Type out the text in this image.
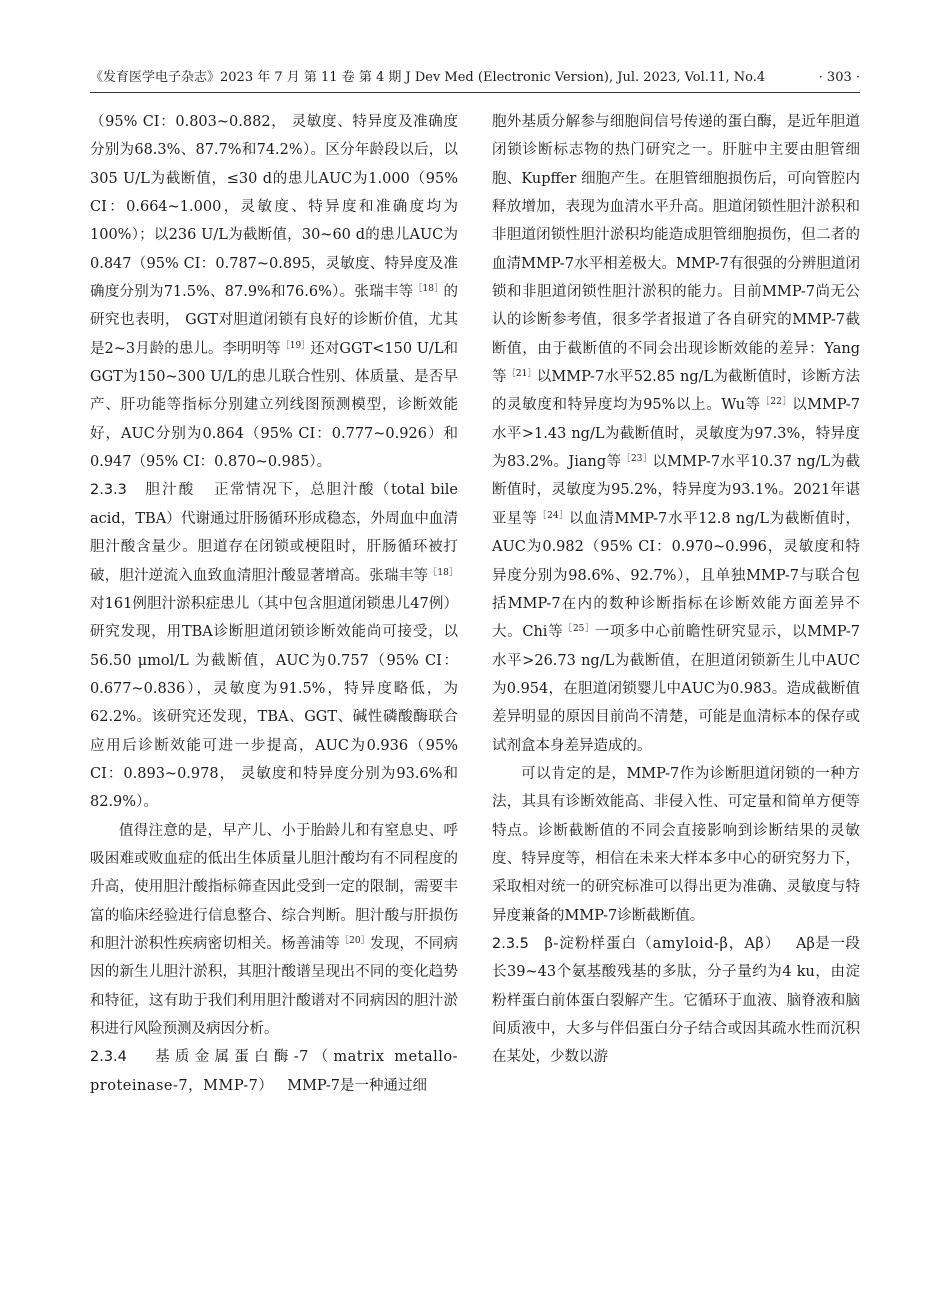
《发育医学电子杂志》2023 年 7 月 第 11 卷 第 4 期 J Dev Med (Electronic Version), Jul. 2023, Vol.11, No.4	· 303 ·

（95% CI：0.803~0.882， 灵敏度、特异度及准确度分别为68.3%、87.7%和74.2%）。区分年龄段以后，以305 U/L为截断值，≤30 d的患儿AUC为1.000（95% CI：0.664~1.000，灵敏度、特异度和准确度均为100%）；以236 U/L为截断值，30~60 d的患儿AUC为0.847（95% CI：0.787~0.895，灵敏度、特异度及准确度分别为71.5%、87.9%和76.6%）。张瑞丰等$^{[18]}$的研究也表明， GGT对胆道闭锁有良好的诊断价值，尤其是2~3月龄的患儿。李明明等$^{[19]}$还对GGT<150 U/L和GGT为150~300 U/L的患儿联合性别、体质量、是否早产、肝功能等指标分别建立列线图预测模型，诊断效能好，AUC分别为0.864（95% CI：0.777~0.926）和0.947（95% CI：0.870~0.985）。

2.3.3 胆汁酸 正常情况下，总胆汁酸（total bile acid，TBA）代谢通过肝肠循环形成稳态，外周血中血清胆汁酸含量少。胆道存在闭锁或梗阻时，肝肠循环被打破，胆汁逆流入血致血清胆汁酸显著增高。张瑞丰等$^{[18]}$对161例胆汁淤积症患儿（其中包含胆道闭锁患儿47例）研究发现，用TBA诊断胆道闭锁诊断效能尚可接受，以56.50 μmol/L 为截断值，AUC为0.757（95% CI：0.677~0.836），灵敏度为91.5%，特异度略低，为62.2%。该研究还发现，TBA、GGT、碱性磷酸酶联合应用后诊断效能可进一步提高，AUC为0.936（95% CI：0.893~0.978， 灵敏度和特异度分别为93.6%和82.9%）。

值得注意的是，早产儿、小于胎龄儿和有窒息史、呼吸困难或败血症的低出生体质量儿胆汁酸均有不同程度的升高，使用胆汁酸指标筛查因此受到一定的限制，需要丰富的临床经验进行信息整合、综合判断。胆汁酸与肝损伤和胆汁淤积性疾病密切相关。杨善浦等$^{[20]}$发现，不同病因的新生儿胆汁淤积，其胆汁酸谱呈现出不同的变化趋势和特征，这有助于我们利用胆汁酸谱对不同病因的胆汁淤积进行风险预测及病因分析。

2.3.4 基质金属蛋白酶-7（matrix metallo-proteinase-7，MMP-7） MMP-7是一种通过细

胞外基质分解参与细胞间信号传递的蛋白酶，是近年胆道闭锁诊断标志物的热门研究之一。肝脏中主要由胆管细胞、Kupffer 细胞产生。在胆管细胞损伤后，可向管腔内释放增加，表现为血清水平升高。胆道闭锁性胆汁淤积和非胆道闭锁性胆汁淤积均能造成胆管细胞损伤，但二者的血清MMP-7水平相差极大。MMP-7有很强的分辨胆道闭锁和非胆道闭锁性胆汁淤积的能力。目前MMP-7尚无公认的诊断参考值，很多学者报道了各自研究的MMP-7截断值，由于截断值的不同会出现诊断效能的差异：Yang等$^{[21]}$以MMP-7水平52.85 ng/L为截断值时，诊断方法的灵敏度和特异度均为95%以上。Wu等$^{[22]}$以MMP-7水平>1.43 ng/L为截断值时，灵敏度为97.3%，特异度为83.2%。Jiang等$^{[23]}$以MMP-7水平10.37 ng/L为截断值时，灵敏度为95.2%，特异度为93.1%。2021年谌亚星等$^{[24]}$以血清MMP-7水平12.8 ng/L为截断值时，AUC为0.982（95% CI：0.970~0.996，灵敏度和特异度分别为98.6%、92.7%），且单独MMP-7与联合包括MMP-7在内的数种诊断指标在诊断效能方面差异不大。Chi等$^{[25]}$一项多中心前瞻性研究显示，以MMP-7水平>26.73 ng/L为截断值，在胆道闭锁新生儿中AUC为0.954，在胆道闭锁婴儿中AUC为0.983。造成截断值差异明显的原因目前尚不清楚，可能是血清标本的保存或试剂盒本身差异造成的。

可以肯定的是，MMP-7作为诊断胆道闭锁的一种方法，其具有诊断效能高、非侵入性、可定量和简单方便等特点。诊断截断值的不同会直接影响到诊断结果的灵敏度、特异度等，相信在未来大样本多中心的研究努力下，采取相对统一的研究标准可以得出更为准确、灵敏度与特异度兼备的MMP-7诊断截断值。

2.3.5 β-淀粉样蛋白（amyloid-β，Aβ） Aβ是一段长39~43个氨基酸残基的多肽，分子量约为4 ku，由淀粉样蛋白前体蛋白裂解产生。它循环于血液、脑脊液和脑间质液中，大多与伴侣蛋白分子结合或因其疏水性而沉积在某处，少数以游
